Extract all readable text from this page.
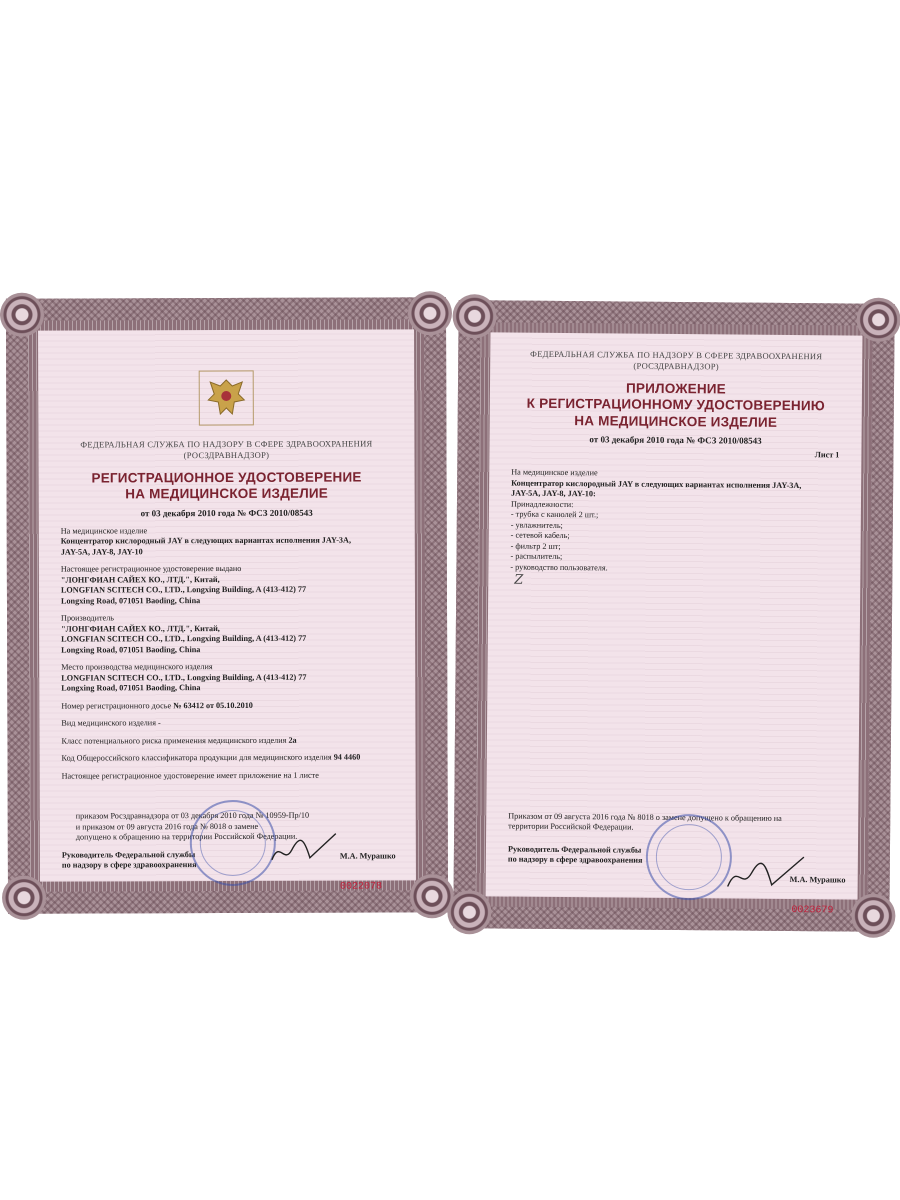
ФЕДЕРАЛЬНАЯ СЛУЖБА ПО НАДЗОРУ В СФЕРЕ ЗДРАВООХРАНЕНИЯ
(РОСЗДРАВНАДЗОР)
РЕГИСТРАЦИОННОЕ УДОСТОВЕРЕНИЕ
НА МЕДИЦИНСКОЕ ИЗДЕЛИЕ
от 03 декабря 2010 года № ФСЗ 2010/08543
На медицинское изделие
Концентратор кислородный JAY в следующих вариантах исполнения JAY-3A,
JAY-5A, JAY-8, JAY-10
Настоящее регистрационное удостоверение выдано
"ЛОНГФИАН САЙЕХ КО., ЛТД.", Китай,
LONGFIAN SCITECH CO., LTD., Longxing Building, A (413-412) 77
Longxing Road, 071051 Baoding, China
Производитель
"ЛОНГФИАН САЙЕХ КО., ЛТД.", Китай,
LONGFIAN SCITECH CO., LTD., Longxing Building, A (413-412) 77
Longxing Road, 071051 Baoding, China
Место производства медицинского изделия
LONGFIAN SCITECH CO., LTD., Longxing Building, A (413-412) 77
Longxing Road, 071051 Baoding, China
Номер регистрационного досье № 63412 от 05.10.2010
Вид медицинского изделия -
Класс потенциального риска применения медицинского изделия 2а
Код Общероссийского классификатора продукции для медицинского изделия 94 4460
Настоящее регистрационное удостоверение имеет приложение на 1 листе
приказом Росздравнадзора от 03 декабря 2010 года № 10959-Пр/10
и приказом от 09 августа 2016 года № 8018 о замене
допущено к обращению на территории Российской Федерации.
Руководитель Федеральной службы
по надзору в сфере здравоохранения
М.А. Мурашко
0022078
ФЕДЕРАЛЬНАЯ СЛУЖБА ПО НАДЗОРУ В СФЕРЕ ЗДРАВООХРАНЕНИЯ
(РОСЗДРАВНАДЗОР)
ПРИЛОЖЕНИЕ
К РЕГИСТРАЦИОННОМУ УДОСТОВЕРЕНИЮ
НА МЕДИЦИНСКОЕ ИЗДЕЛИЕ
от 03 декабря 2010 года № ФСЗ 2010/08543
Лист 1
На медицинское изделие
Концентратор кислородный JAY в следующих вариантах исполнения JAY-3A,
JAY-5A, JAY-8, JAY-10:
Принадлежности:
- трубка с канюлей 2 шт.;
- увлажнитель;
- сетевой кабель;
- фильтр 2 шт;
- распылитель;
- руководство пользователя.
Z
Приказом от 09 августа 2016 года № 8018 о замене допущено к обращению на
территории Российской Федерации.
Руководитель Федеральной службы
по надзору в сфере здравоохранения
М.А. Мурашко
0023679
